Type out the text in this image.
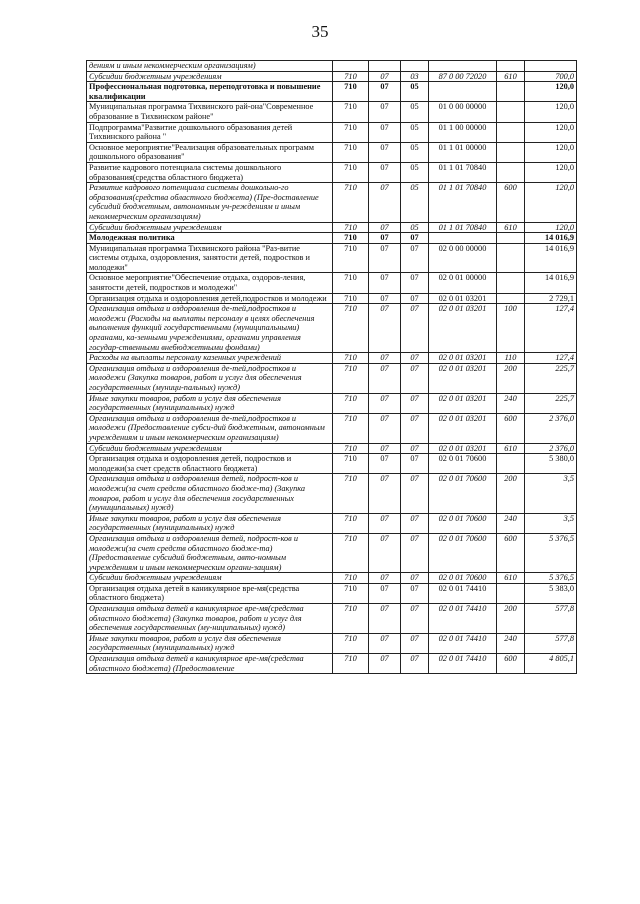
35
дениям и иным некоммерческим организациям)						
Субсидии бюджетным учреждениям	710	07	03	87 0 00 72020	610	700,0
Профессиональная подготовка, переподготовка и повышение квалификации	710	07	05			120,0
Муниципальная программа Тихвинского рай-она"Современное образование в Тихвинском районе"	710	07	05	01 0 00 00000		120,0
Подпрограмма"Развитие дошкольного образования детей Тихвинского района "	710	07	05	01 1 00 00000		120,0
Основное мероприятие"Реализация образовательных программ дошкольного образования"	710	07	05	01 1 01 00000		120,0
Развитие кадрового потенциала системы дошкольного образования(средства областного бюджета)	710	07	05	01 1 01 70840		120,0
Развитие кадрового потенциала системы дошкольно-го образования(средства областного бюджета) (Пре-доставление субсидий бюджетным, автономным уч-реждениям и иным некоммерческим организациям)	710	07	05	01 1 01 70840	600	120,0
Субсидии бюджетным учреждениям	710	07	05	01 1 01 70840	610	120,0
Молодежная политика	710	07	07			14 016,9
Муниципальная программа Тихвинского района "Раз-витие системы отдыха, оздоровления, занятости детей, подростков и молодежи"	710	07	07	02 0 00 00000		14 016,9
Основное мероприятие"Обеспечение отдыха, оздоров-ления, занятости детей, подростков и молодежи"	710	07	07	02 0 01 00000		14 016,9
Организация отдыха и оздоровления детей,подростков и молодежи	710	07	07	02 0 01 03201		2 729,1
Организация отдыха и оздоровления де-тей,подростков и молодежи (Расходы на выплаты персоналу в целях обеспечения выполнения функций государственными (муниципальными) органами, ка-зенными учреждениями, органами управления государ-ственными внебюджетными фондами)	710	07	07	02 0 01 03201	100	127,4
Расходы на выплаты персоналу казенных учреждений	710	07	07	02 0 01 03201	110	127,4
Организация отдыха и оздоровления де-тей,подростков и молодежи (Закупка товаров, работ и услуг для обеспечения государственных (муници-пальных) нужд)	710	07	07	02 0 01 03201	200	225,7
Иные закупки товаров, работ и услуг для обеспечения государственных (муниципальных) нужд	710	07	07	02 0 01 03201	240	225,7
Организация отдыха и оздоровления де-тей,подростков и молодежи (Предоставление субси-дий бюджетным, автономным учреждениям и иным некоммерческим организациям)	710	07	07	02 0 01 03201	600	2 376,0
Субсидии бюджетным учреждениям	710	07	07	02 0 01 03201	610	2 376,0
Организация отдыха и оздоровления детей, подростков и молодежи(за счет средств областного бюджета)	710	07	07	02 0 01 70600		5 380,0
Организация отдыха и оздоровления детей, подрост-ков и молодежи(за счет средств областного бюдже-та) (Закупка товаров, работ и услуг для обеспечения государственных (муниципальных) нужд)	710	07	07	02 0 01 70600	200	3,5
Иные закупки товаров, работ и услуг для обеспечения государственных (муниципальных) нужд	710	07	07	02 0 01 70600	240	3,5
Организация отдыха и оздоровления детей, подрост-ков и молодежи(за счет средств областного бюдже-та) (Предоставление субсидий бюджетным, авто-номным учреждениям и иным некоммерческим органи-зациям)	710	07	07	02 0 01 70600	600	5 376,5
Субсидии бюджетным учреждениям	710	07	07	02 0 01 70600	610	5 376,5
Организация отдыха детей в каникулярное вре-мя(средства областного бюджета)	710	07	07	02 0 01 74410		5 383,0
Организация отдыха детей в каникулярное вре-мя(средства областного бюджета) (Закупка товаров, работ и услуг для обеспечения государственных (му-ниципальных) нужд)	710	07	07	02 0 01 74410	200	577,8
Иные закупки товаров, работ и услуг для обеспечения государственных (муниципальных) нужд	710	07	07	02 0 01 74410	240	577,8
Организация отдыха детей в каникулярное вре-мя(средства областного бюджета) (Предоставление	710	07	07	02 0 01 74410	600	4 805,1
